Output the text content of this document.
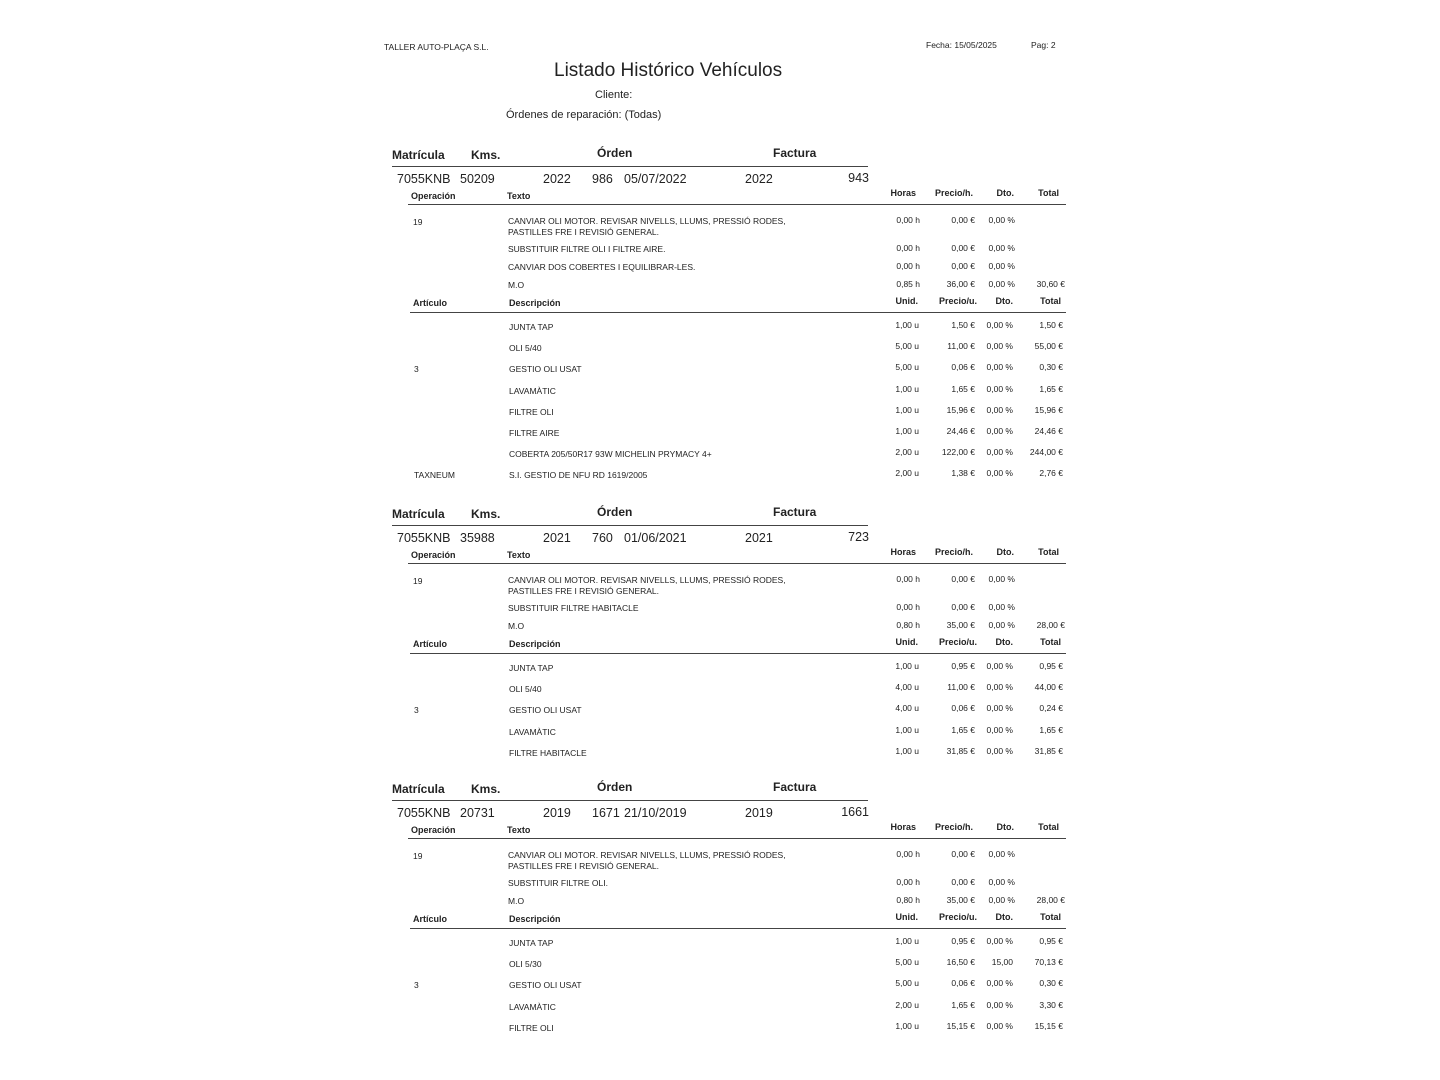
TALLER AUTO-PLAÇA S.L.	Fecha: 15/05/2025	Pag: 2
Listado Histórico Vehículos
Cliente:
Órdenes de reparación: (Todas)
Matrícula Kms.	Órden	Factura
7055KNB 50209	2022 986 05/07/2022	2022	943
Operación	Texto	Horas	Precio/h.	Dto.	Total
19	CANVIAR OLI MOTOR. REVISAR NIVELLS, LLUMS, PRESSIÓ RODES,
PASTILLES FRE I REVISIÓ GENERAL.
0,00 h	0,00 €	0,00 %
SUBSTITUIR FILTRE OLI I FILTRE AIRE.	0,00 h	0,00 €	0,00 %
CANVIAR DOS COBERTES I EQUILIBRAR-LES.	0,00 h	0,00 €	0,00 %
M.O	0,85 h	36,00 €	0,00 %	30,60 €
Artículo	Descripción	Unid.	Precio/u.	Dto.	Total
JUNTA TAP	1,00 u	1,50 €	0,00 %	1,50 €
OLI 5/40	5,00 u	11,00 €	0,00 %	55,00 €
3	GESTIO OLI USAT	5,00 u	0,06 €	0,00 %	0,30 €
LAVAMÀTIC	1,00 u	1,65 €	0,00 %	1,65 €
FILTRE OLI	1,00 u	15,96 €	0,00 %	15,96 €
FILTRE AIRE	1,00 u	24,46 €	0,00 %	24,46 €
COBERTA 205/50R17 93W MICHELIN PRYMACY 4+	2,00 u	122,00 €	0,00 %	244,00 €
TAXNEUM	S.I. GESTIO DE NFU RD 1619/2005	2,00 u	1,38 €	0,00 %	2,76 €
Matrícula Kms.	Órden	Factura
7055KNB 35988	2021 760 01/06/2021	2021	723
Operación	Texto	Horas	Precio/h.	Dto.	Total
19	CANVIAR OLI MOTOR. REVISAR NIVELLS, LLUMS, PRESSIÓ RODES,
PASTILLES FRE I REVISIÓ GENERAL.
0,00 h	0,00 €	0,00 %
SUBSTITUIR FILTRE HABITACLE	0,00 h	0,00 €	0,00 %
M.O	0,80 h	35,00 €	0,00 %	28,00 €
Artículo	Descripción	Unid.	Precio/u.	Dto.	Total
JUNTA TAP	1,00 u	0,95 €	0,00 %	0,95 €
OLI 5/40	4,00 u	11,00 €	0,00 %	44,00 €
3	GESTIO OLI USAT	4,00 u	0,06 €	0,00 %	0,24 €
LAVAMÀTIC	1,00 u	1,65 €	0,00 %	1,65 €
FILTRE HABITACLE	1,00 u	31,85 €	0,00 %	31,85 €
Matrícula Kms.	Órden	Factura
7055KNB 20731	2019 1671 21/10/2019	2019	1661
Operación	Texto	Horas	Precio/h.	Dto.	Total
19	CANVIAR OLI MOTOR. REVISAR NIVELLS, LLUMS, PRESSIÓ RODES,
PASTILLES FRE I REVISIÓ GENERAL.
0,00 h	0,00 €	0,00 %
SUBSTITUIR FILTRE OLI.	0,00 h	0,00 €	0,00 %
M.O	0,80 h	35,00 €	0,00 %	28,00 €
Artículo	Descripción	Unid.	Precio/u.	Dto.	Total
JUNTA TAP	1,00 u	0,95 €	0,00 %	0,95 €
OLI 5/30	5,00 u	16,50 €	15,00	70,13 €
3	GESTIO OLI USAT	5,00 u	0,06 €	0,00 %	0,30 €
LAVAMÀTIC	2,00 u	1,65 €	0,00 %	3,30 €
FILTRE OLI	1,00 u	15,15 €	0,00 %	15,15 €
